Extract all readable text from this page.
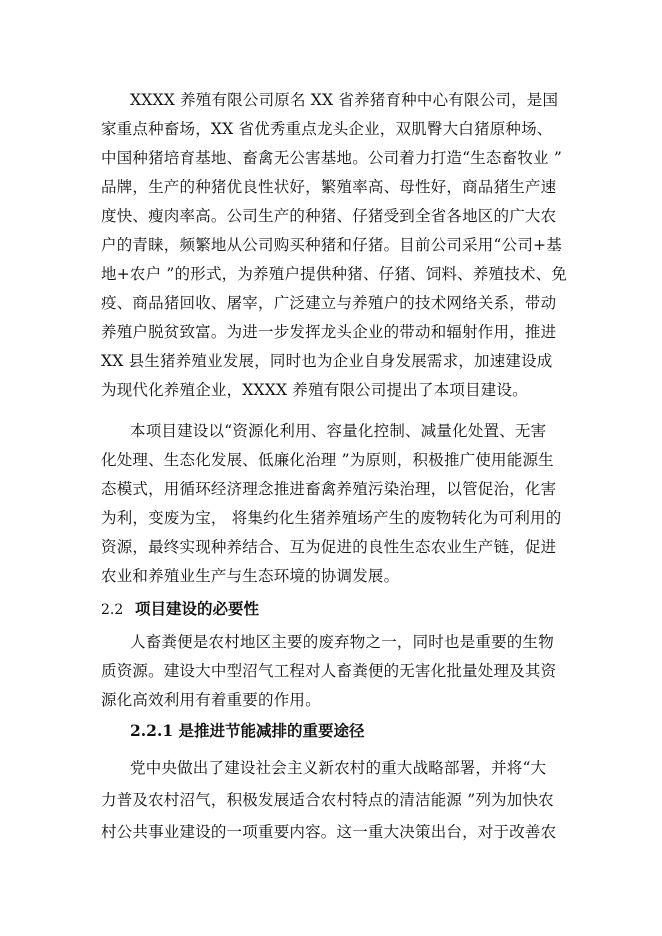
XXXX 养殖有限公司原名 XX 省养猪育种中心有限公司，是国
家重点种畜场，XX 省优秀重点龙头企业，双肌臀大白猪原种场、
中国种猪培育基地、畜禽无公害基地。公司着力打造“生态畜牧业 ”
品牌，生产的种猪优良性状好，繁殖率高、母性好，商品猪生产速
度快、瘦肉率高。公司生产的种猪、仔猪受到全省各地区的广大农
户的青睐，频繁地从公司购买种猪和仔猪。目前公司采用“公司+基
地+农户 ”的形式，为养殖户提供种猪、仔猪、饲料、养殖技术、免
疫、商品猪回收、屠宰，广泛建立与养殖户的技术网络关系，带动
养殖户脱贫致富。为进一步发挥龙头企业的带动和辐射作用，推进
XX 县生猪养殖业发展，同时也为企业自身发展需求，加速建设成
为现代化养殖企业，XXXX 养殖有限公司提出了本项目建设。
本项目建设以“资源化利用、容量化控制、减量化处置、无害
化处理、生态化发展、低廉化治理 ”为原则，积极推广使用能源生
态模式，用循环经济理念推进畜禽养殖污染治理，以管促治，化害
为利，变废为宝， 将集约化生猪养殖场产生的废物转化为可利用的
资源，最终实现种养结合、互为促进的良性生态农业生产链，促进
农业和养殖业生产与生态环境的协调发展。
2.2 项目建设的必要性
人畜粪便是农村地区主要的废弃物之一，同时也是重要的生物
质资源。建设大中型沼气工程对人畜粪便的无害化批量处理及其资
源化高效利用有着重要的作用。
2.2.1 是推进节能减排的重要途径
党中央做出了建设社会主义新农村的重大战略部署，并将“大
力普及农村沼气，积极发展适合农村特点的清洁能源 ”列为加快农
村公共事业建设的一项重要内容。这一重大决策出台，对于改善农
